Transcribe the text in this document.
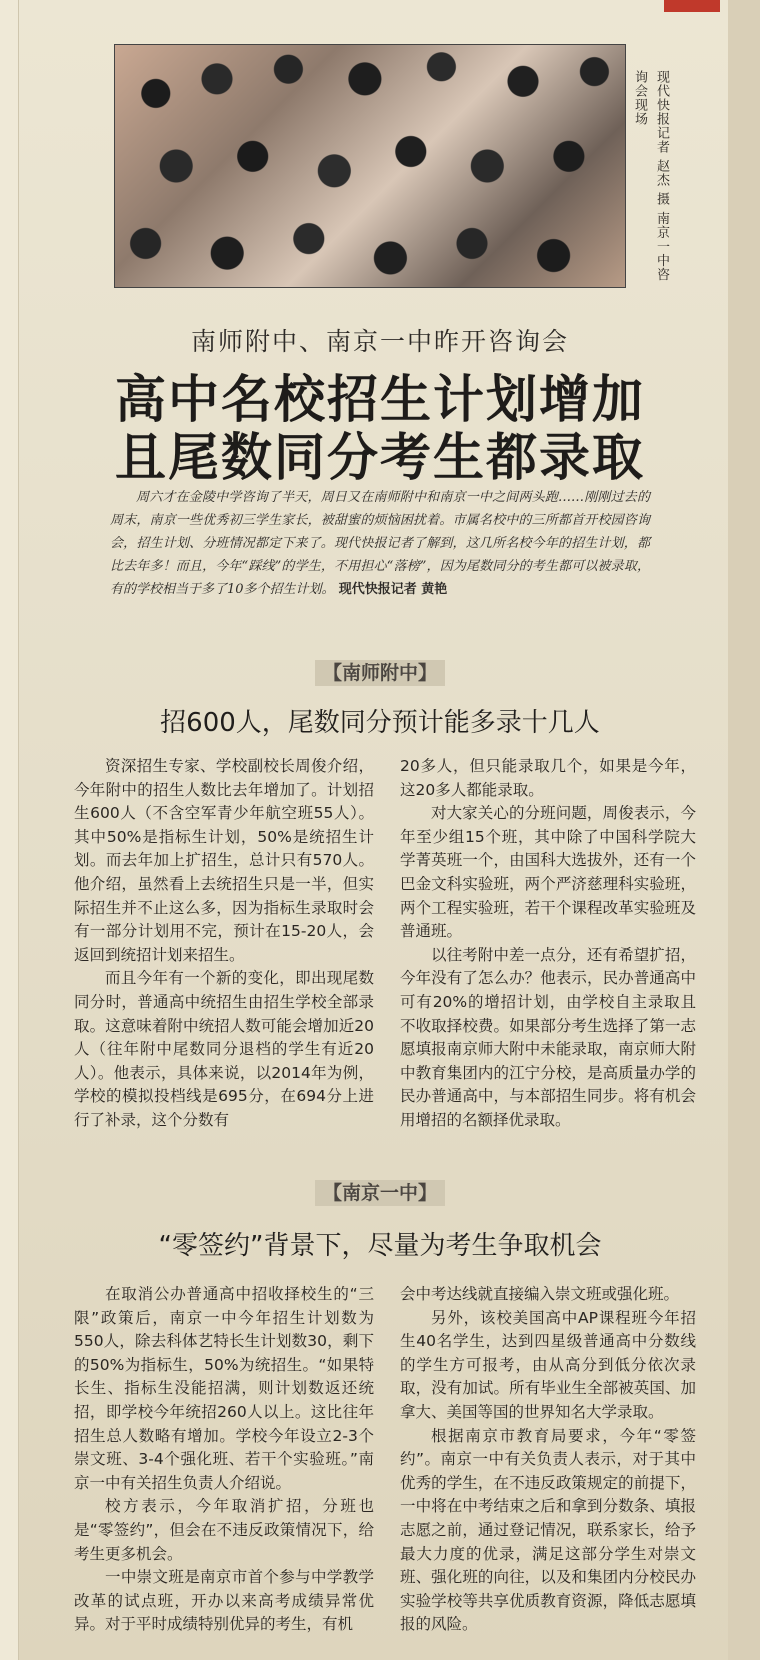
现代快报记者 赵杰 摄 南京一中咨询会现场
南师附中、南京一中昨开咨询会
高中名校招生计划增加
且尾数同分考生都录取
周六才在金陵中学咨询了半天，周日又在南师附中和南京一中之间两头跑……刚刚过去的周末，南京一些优秀初三学生家长，被甜蜜的烦恼困扰着。市属名校中的三所都首开校园咨询会，招生计划、分班情况都定下来了。现代快报记者了解到，这几所名校今年的招生计划，都比去年多！而且，今年“踩线”的学生，不用担心“落榜”，因为尾数同分的考生都可以被录取，有的学校相当于多了10多个招生计划。 现代快报记者 黄艳
【南师附中】
招600人，尾数同分预计能多录十几人

资深招生专家、学校副校长周俊介绍，今年附中的招生人数比去年增加了。计划招生600人（不含空军青少年航空班55人）。其中50%是指标生计划，50%是统招生计划。而去年加上扩招生，总计只有570人。他介绍，虽然看上去统招生只是一半，但实际招生并不止这么多，因为指标生录取时会有一部分计划用不完，预计在15-20人，会返回到统招计划来招生。

而且今年有一个新的变化，即出现尾数同分时，普通高中统招生由招生学校全部录取。这意味着附中统招人数可能会增加近20人（往年附中尾数同分退档的学生有近20人）。他表示，具体来说，以2014年为例，学校的模拟投档线是695分，在694分上进行了补录，这个分数有

20多人，但只能录取几个，如果是今年，这20多人都能录取。

对大家关心的分班问题，周俊表示，今年至少组15个班，其中除了中国科学院大学菁英班一个，由国科大选拔外，还有一个巴金文科实验班，两个严济慈理科实验班，两个工程实验班，若干个课程改革实验班及普通班。

以往考附中差一点分，还有希望扩招，今年没有了怎么办？他表示，民办普通高中可有20%的增招计划，由学校自主录取且不收取择校费。如果部分考生选择了第一志愿填报南京师大附中未能录取，南京师大附中教育集团内的江宁分校，是高质量办学的民办普通高中，与本部招生同步。将有机会用增招的名额择优录取。

【南京一中】
“零签约”背景下，尽量为考生争取机会

在取消公办普通高中招收择校生的“三限”政策后，南京一中今年招生计划数为550人，除去科体艺特长生计划数30，剩下的50%为指标生，50%为统招生。“如果特长生、指标生没能招满，则计划数返还统招，即学校今年统招260人以上。这比往年招生总人数略有增加。学校今年设立2-3个崇文班、3-4个强化班、若干个实验班。”南京一中有关招生负责人介绍说。

校方表示，今年取消扩招，分班也是“零签约”，但会在不违反政策情况下，给考生更多机会。

一中崇文班是南京市首个参与中学教学改革的试点班，开办以来高考成绩异常优异。对于平时成绩特别优异的考生，有机

会中考达线就直接编入崇文班或强化班。

另外，该校美国高中AP课程班今年招生40名学生，达到四星级普通高中分数线的学生方可报考，由从高分到低分依次录取，没有加试。所有毕业生全部被英国、加拿大、美国等国的世界知名大学录取。

根据南京市教育局要求，今年“零签约”。南京一中有关负责人表示，对于其中优秀的学生，在不违反政策规定的前提下，一中将在中考结束之后和拿到分数条、填报志愿之前，通过登记情况，联系家长，给予最大力度的优录，满足这部分学生对崇文班、强化班的向往，以及和集团内分校民办实验学校等共享优质教育资源，降低志愿填报的风险。
